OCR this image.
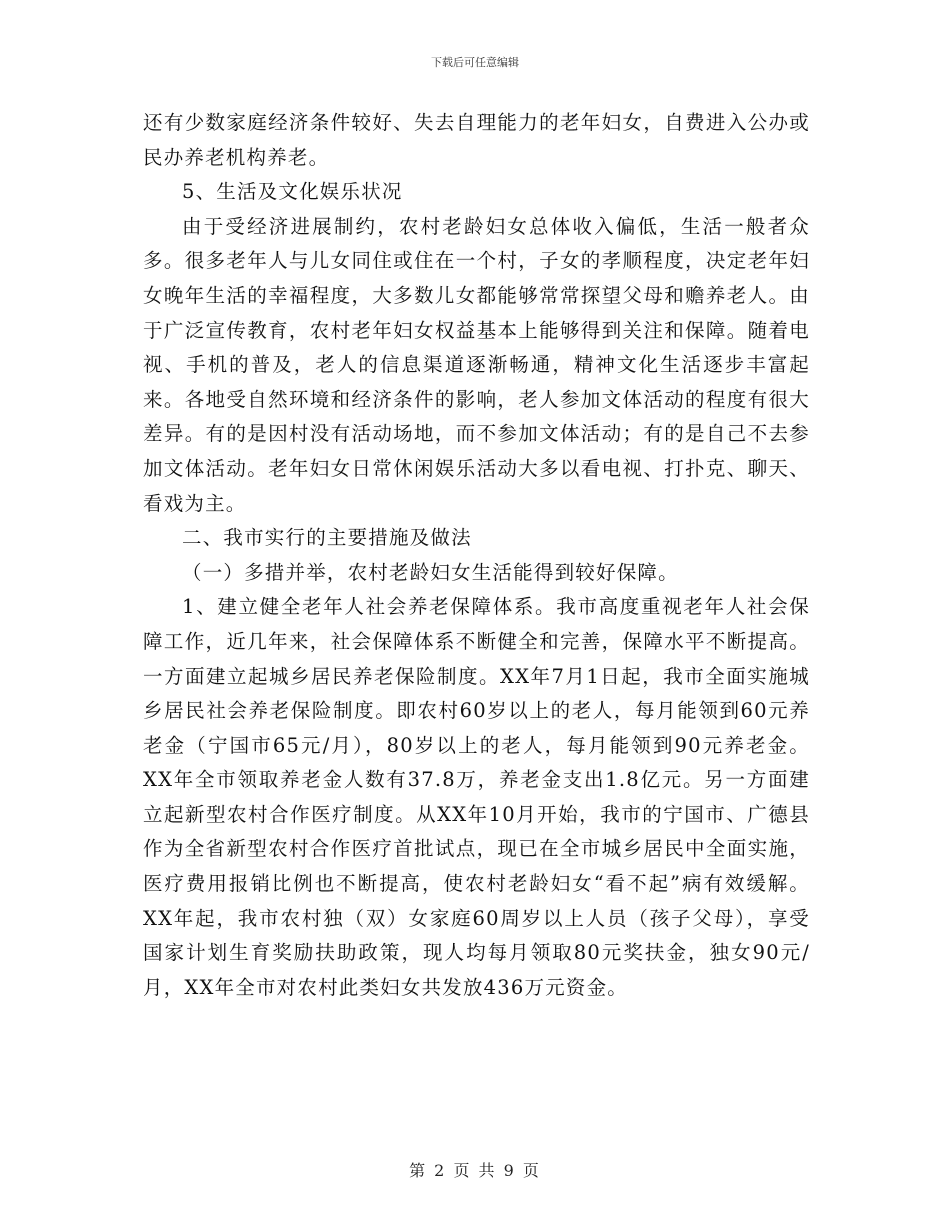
下载后可任意编辑

还有少数家庭经济条件较好、失去自理能力的老年妇女，自费进入公办或民办养老机构养老。

5、生活及文化娱乐状况

由于受经济进展制约，农村老龄妇女总体收入偏低，生活一般者众多。很多老年人与儿女同住或住在一个村，子女的孝顺程度，决定老年妇女晚年生活的幸福程度，大多数儿女都能够常常探望父母和赡养老人。由于广泛宣传教育，农村老年妇女权益基本上能够得到关注和保障。随着电视、手机的普及，老人的信息渠道逐渐畅通，精神文化生活逐步丰富起来。各地受自然环境和经济条件的影响，老人参加文体活动的程度有很大差异。有的是因村没有活动场地，而不参加文体活动；有的是自己不去参加文体活动。老年妇女日常休闲娱乐活动大多以看电视、打扑克、聊天、看戏为主。

二、我市实行的主要措施及做法

（一）多措并举，农村老龄妇女生活能得到较好保障。

1、建立健全老年人社会养老保障体系。我市高度重视老年人社会保障工作，近几年来，社会保障体系不断健全和完善，保障水平不断提高。一方面建立起城乡居民养老保险制度。XX年7月1日起，我市全面实施城乡居民社会养老保险制度。即农村60岁以上的老人，每月能领到60元养老金（宁国市65元/月），80岁以上的老人，每月能领到90元养老金。XX年全市领取养老金人数有37.8万，养老金支出1.8亿元。另一方面建立起新型农村合作医疗制度。从XX年10月开始，我市的宁国市、广德县作为全省新型农村合作医疗首批试点，现已在全市城乡居民中全面实施，医疗费用报销比例也不断提高，使农村老龄妇女“看不起”病有效缓解。XX年起，我市农村独（双）女家庭60周岁以上人员（孩子父母），享受国家计划生育奖励扶助政策，现人均每月领取80元奖扶金，独女90元/月，XX年全市对农村此类妇女共发放436万元资金。

第 2 页 共 9 页
